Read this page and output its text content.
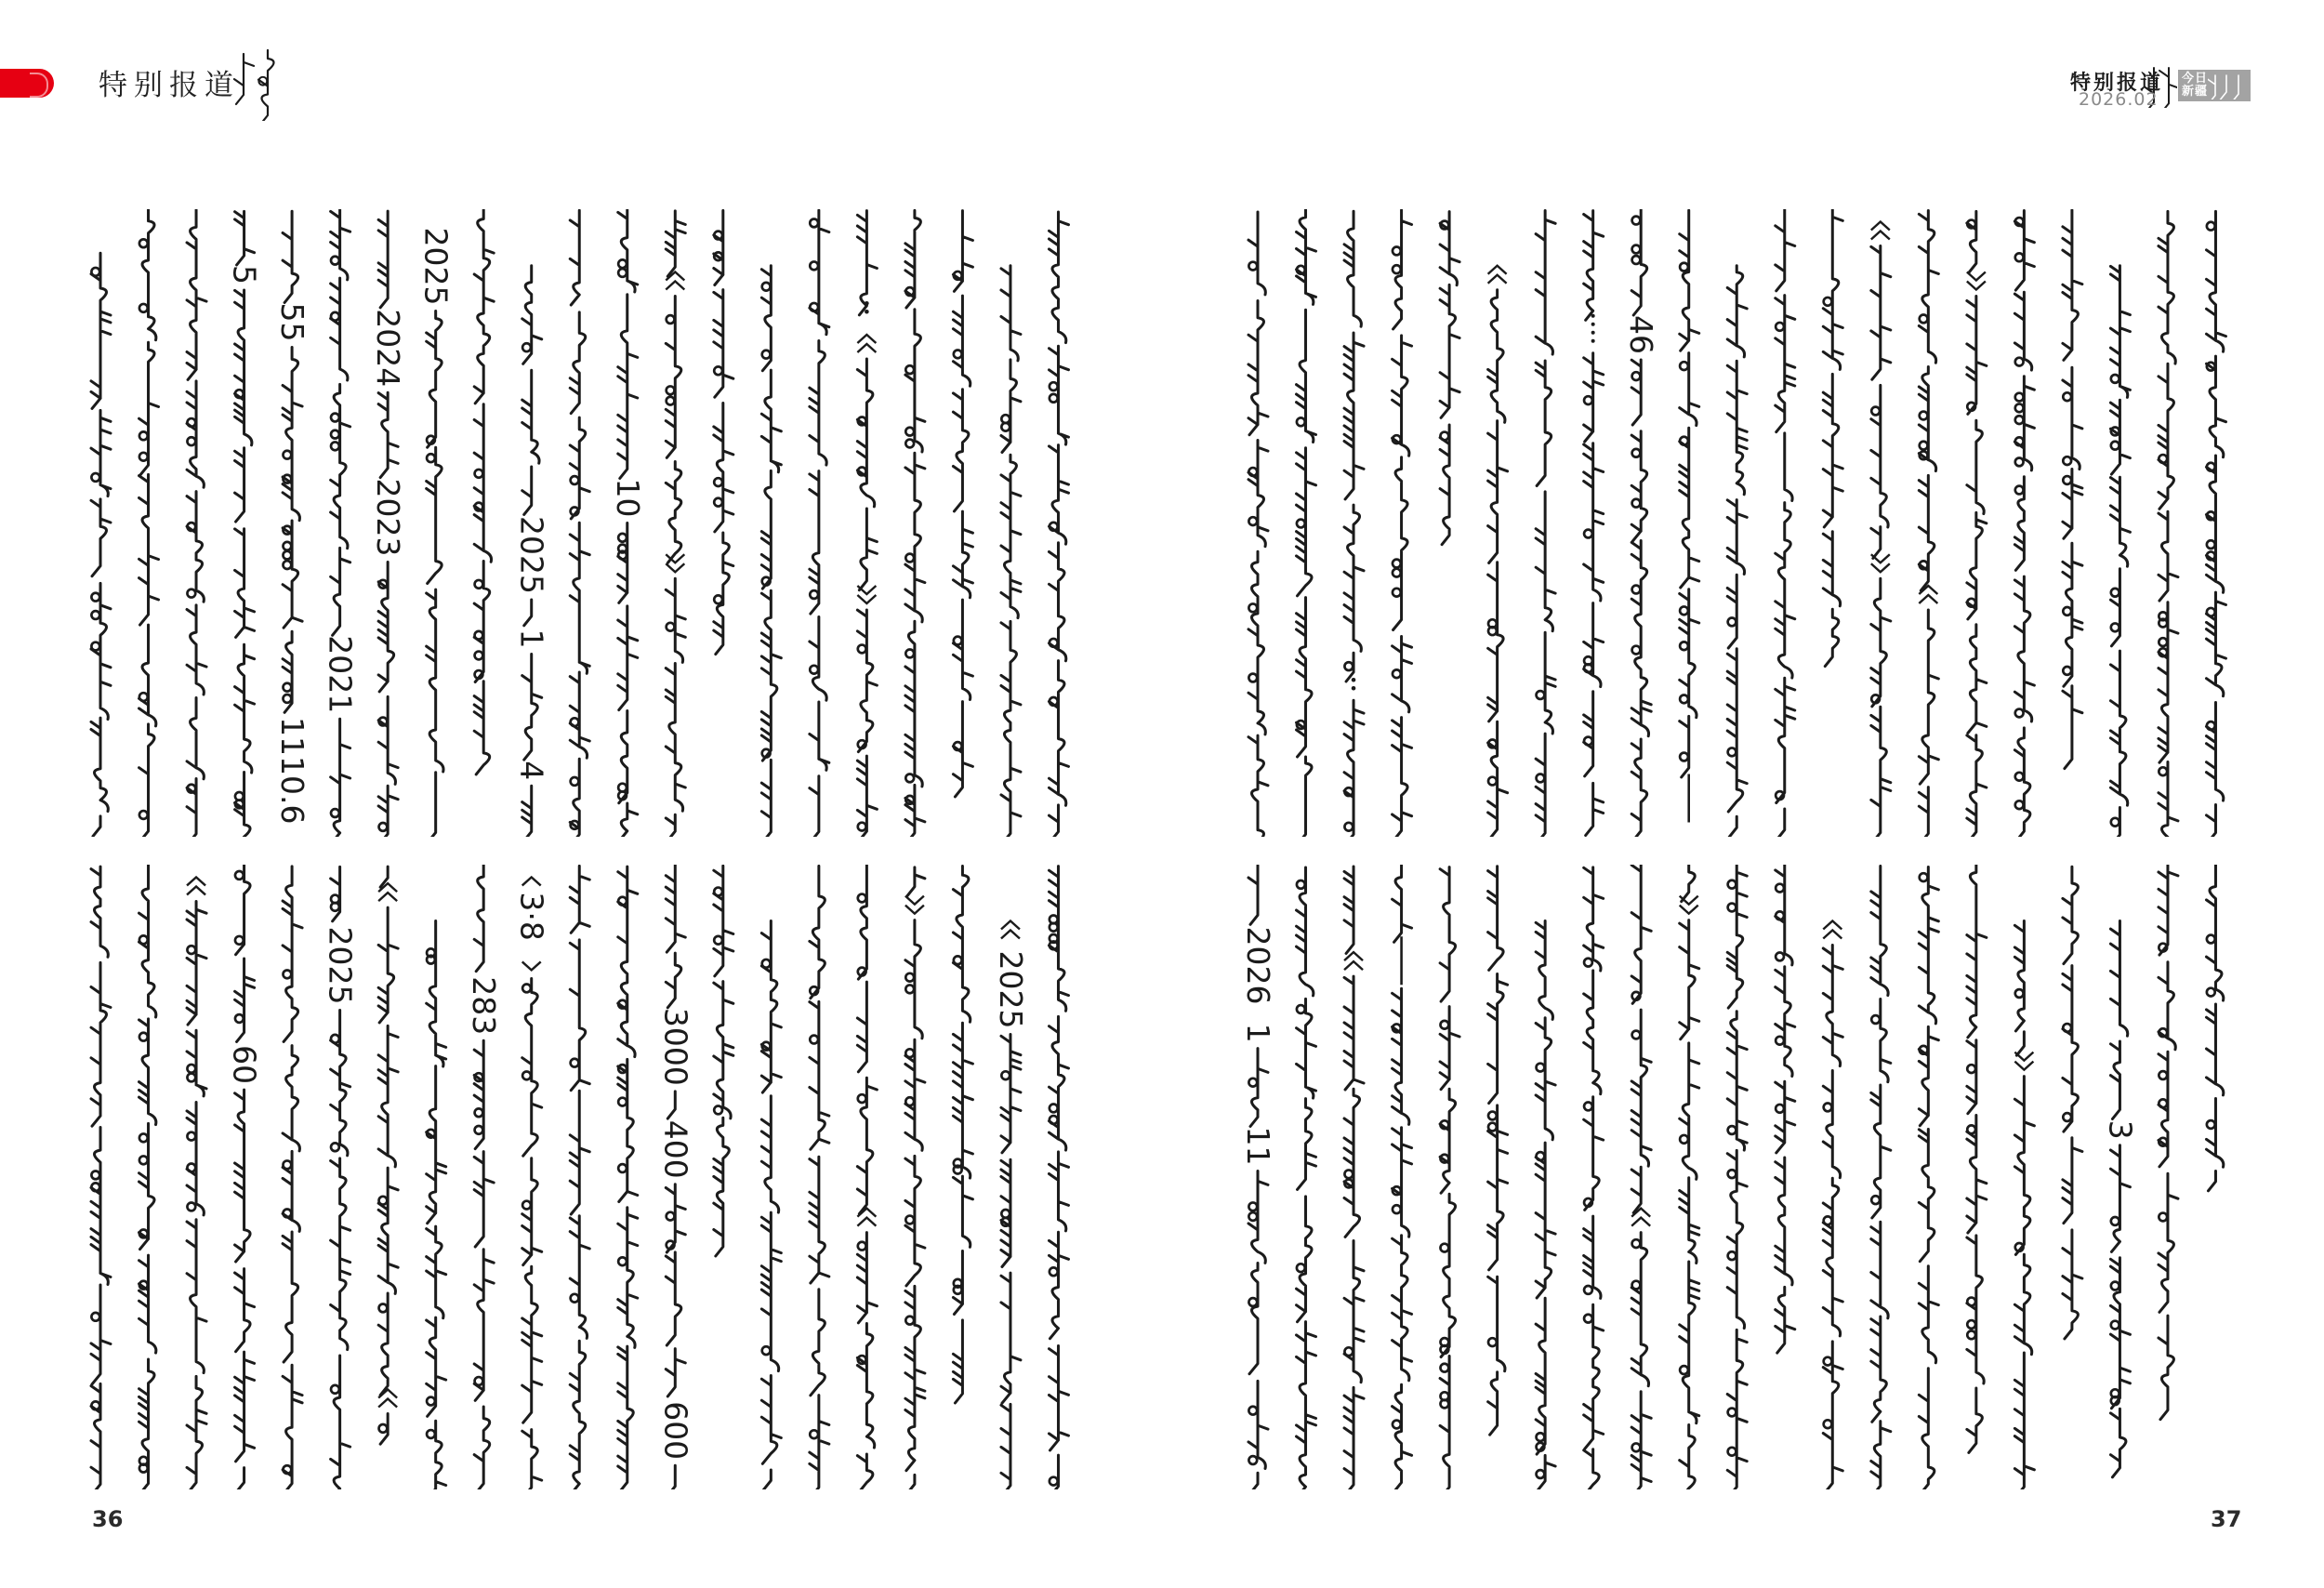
特别报道	特别报道
2026.02
今日
新疆
5
55
1110.6
2021
2024
2023
2025
2025
1
4
10
60
2025
283
3·8
3000
400
600
2025
46
2026
1
11	3
36	37
